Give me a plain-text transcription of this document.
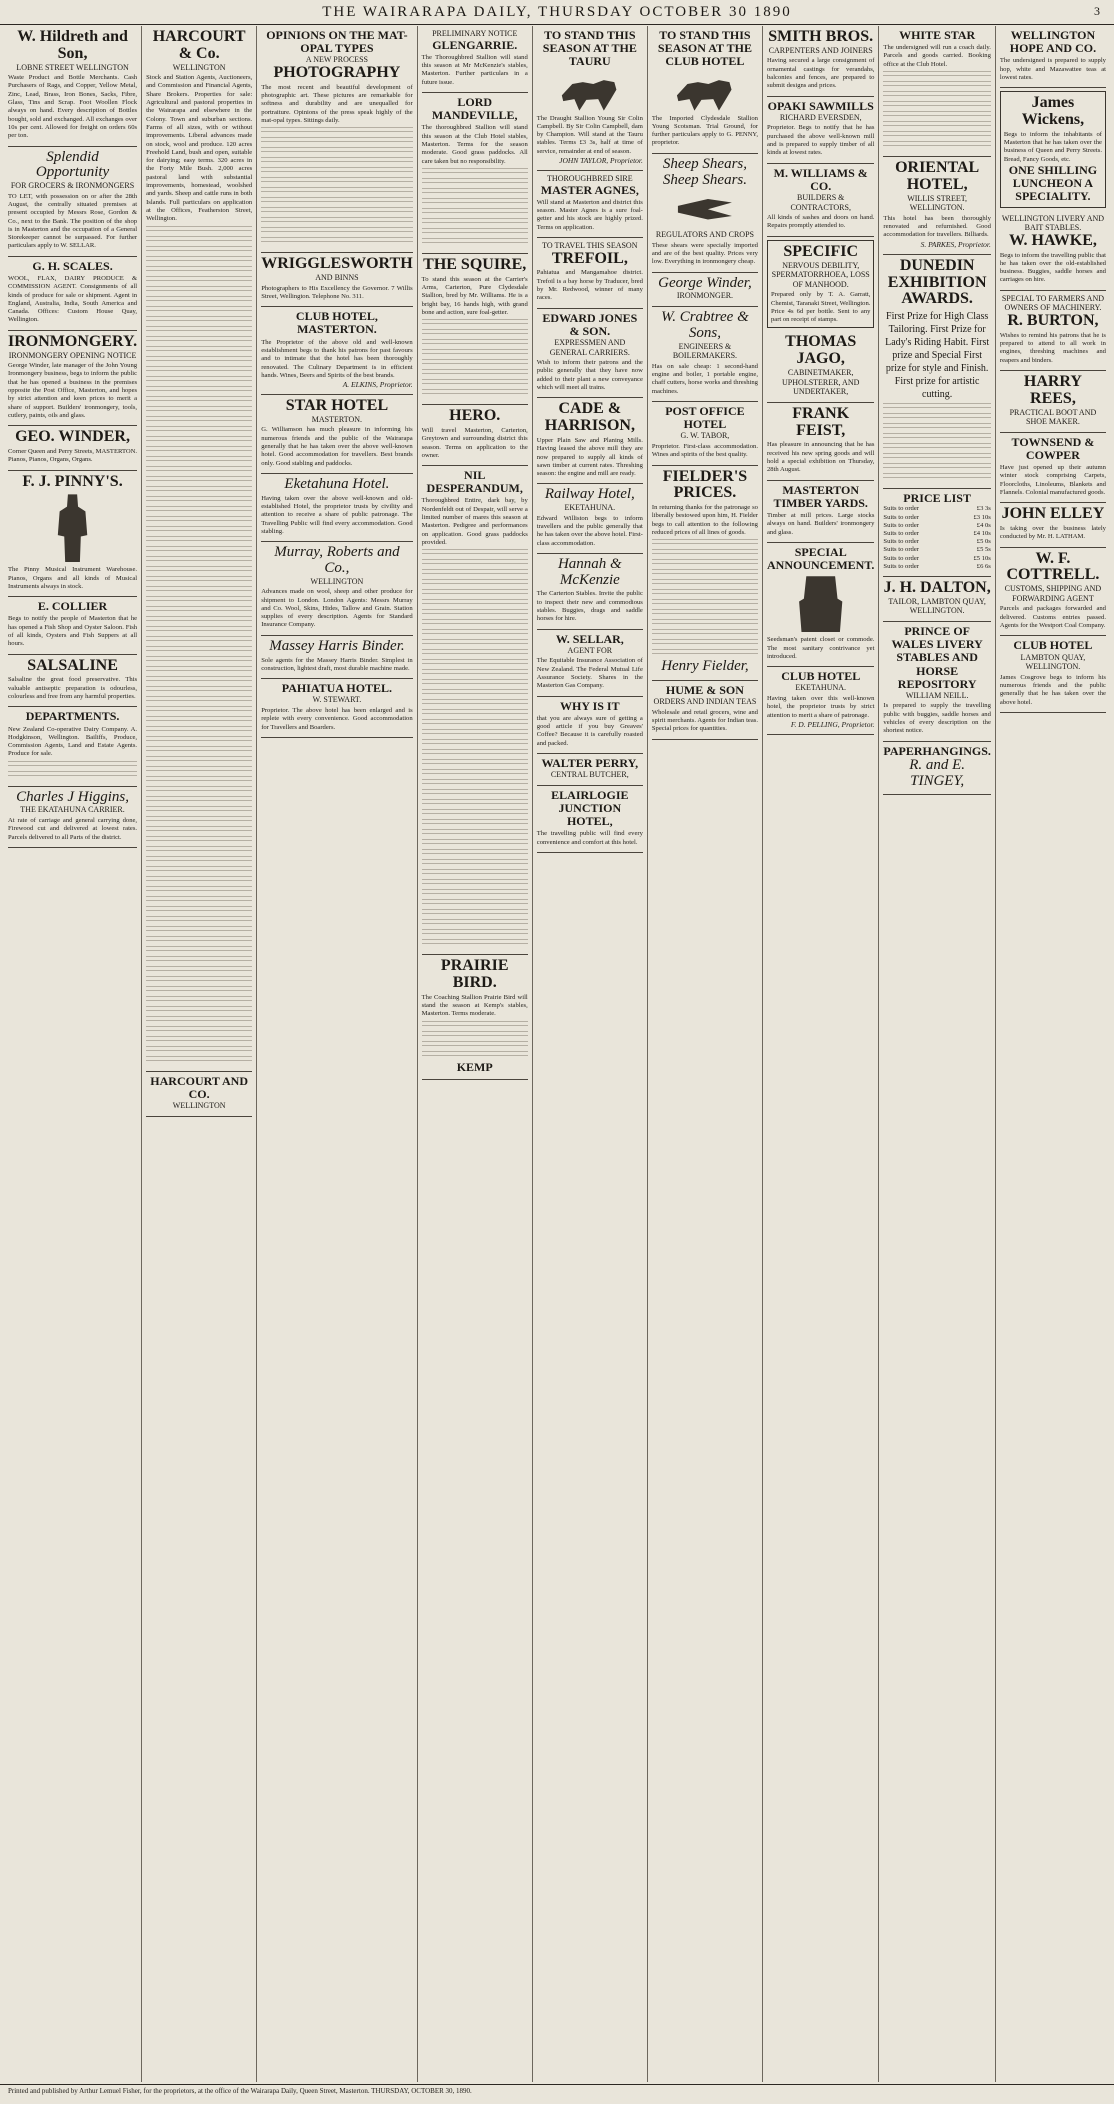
THE WAIRARAPA DAILY, THURSDAY OCTOBER 30 1890	3
W. Hildreth and Son,
LOBNE STREET WELLINGTON
Waste Product and Bottle Merchants. Cash Purchasers of Rags, and Copper, Yellow Metal, Zinc, Lead, Brass, Iron Bones, Sacks, Fibre, Glass, Tins and Scrap. Foot Woollen Flock always on hand. Every description of Bottles bought, sold and exchanged. All exchanges over 10s per cent. Allowed for freight on orders 60s per ton.
Splendid Opportunity
FOR GROCERS & IRONMONGERS
TO LET, with possession on or after the 28th August, the centrally situated premises at present occupied by Messrs Rose, Gordon & Co., next to the Bank. The position of the shop is in Masterton and the occupation of a General Storekeeper cannot be surpassed. For further particulars apply to W. SELLAR.
G. H. SCALES.
WOOL, FLAX, DAIRY PRODUCE & COMMISSION AGENT. Consignments of all kinds of produce for sale or shipment. Agent in England, Australia, India, South America and Canada. Offices: Custom House Quay, Wellington.
IRONMONGERY.
IRONMONGERY OPENING NOTICE
George Winder, late manager of the John Young Ironmongery business, begs to inform the public that he has opened a business in the premises opposite the Post Office, Masterton, and hopes by strict attention and keen prices to merit a share of support. Builders' ironmongery, tools, cutlery, paints, oils and glass.
GEO. WINDER,
Corner Queen and Perry Streets, MASTERTON. Pianos, Pianos, Organs, Organs.
F. J. PINNY'S.
The Pinny Musical Instrument Warehouse. Pianos, Organs and all kinds of Musical Instruments always in stock.
E. COLLIER
Begs to notify the people of Masterton that he has opened a Fish Shop and Oyster Saloon. Fish of all kinds, Oysters and Fish Suppers at all hours.
SALSALINE
Salsaline the great food preservative. This valuable antiseptic preparation is odourless, colourless and free from any harmful properties.
DEPARTMENTS.
New Zealand Co-operative Dairy Company. A. Hodgkinson, Wellington. Bailiffs, Produce, Commission Agents, Land and Estate Agents. Produce for sale.
Charles J Higgins,
THE EKATAHUNA CARRIER.
At rate of carriage and general carrying done, Firewood cut and delivered at lowest rates. Parcels delivered to all Parts of the district.
HARCOURT & Co.
WELLINGTON
Stock and Station Agents, Auctioneers, and Commission and Financial Agents, Share Brokers. Properties for sale: Agricultural and pastoral properties in the Wairarapa and elsewhere in the Colony. Town and suburban sections. Farms of all sizes, with or without improvements. Liberal advances made on stock, wool and produce. 120 acres Freehold Land, bush and open, suitable for dairying; easy terms. 320 acres in the Forty Mile Bush. 2,000 acres pastoral land with substantial improvements, homestead, woolshed and yards. Sheep and cattle runs in both Islands. Full particulars on application at the Offices, Featherston Street, Wellington.
HARCOURT AND CO.
WELLINGTON
OPINIONS ON THE MAT-OPAL TYPES
A NEW PROCESS
PHOTOGRAPHY
The most recent and beautiful development of photographic art. These pictures are remarkable for softness and durability and are unequalled for portraiture. Opinions of the press speak highly of the mat-opal types. Sittings daily.
WRIGGLESWORTH
AND BINNS
Photographers to His Excellency the Governor. 7 Willis Street, Wellington. Telephone No. 311.
CLUB HOTEL, MASTERTON.
The Proprietor of the above old and well-known establishment begs to thank his patrons for past favours and to intimate that the hotel has been thoroughly renovated. The Culinary Department is in efficient hands. Wines, Beers and Spirits of the best brands.
A. ELKINS, Proprietor.
STAR HOTEL
MASTERTON.
G. Williamson has much pleasure in informing his numerous friends and the public of the Wairarapa generally that he has taken over the above well-known hotel. Good accommodation for travellers. Best brands only. Good stabling and paddocks.
Eketahuna Hotel.
Having taken over the above well-known and old-established Hotel, the proprietor trusts by civility and attention to receive a share of public patronage. The Travelling Public will find every accommodation. Good stabling.
Murray, Roberts and Co.,
WELLINGTON
Advances made on wool, sheep and other produce for shipment to London. London Agents: Messrs Murray and Co. Wool, Skins, Hides, Tallow and Grain. Station supplies of every description. Agents for Standard Insurance Company.
Massey Harris Binder.
Sole agents for the Massey Harris Binder. Simplest in construction, lightest draft, most durable machine made.
PAHIATUA HOTEL.
W. STEWART.
Proprietor. The above hotel has been enlarged and is replete with every convenience. Good accommodation for Travellers and Boarders.
PRELIMINARY NOTICE
GLENGARRIE.
The Thoroughbred Stallion will stand this season at Mr McKenzie's stables, Masterton. Further particulars in a future issue.
LORD MANDEVILLE,
The thoroughbred Stallion will stand this season at the Club Hotel stables, Masterton. Terms for the season moderate. Good grass paddocks. All care taken but no responsibility.
THE SQUIRE,
To stand this season at the Carrier's Arms, Carterton, Pure Clydesdale Stallion, bred by Mr. Williams. He is a bright bay, 16 hands high, with grand bone and action, sure foal-getter.
HERO.
Will travel Masterton, Carterton, Greytown and surrounding district this season. Terms on application to the owner.
NIL DESPERANDUM,
Thoroughbred Entire, dark bay, by Nordenfeldt out of Despair, will serve a limited number of mares this season at Masterton. Pedigree and performances on application. Good grass paddocks provided.
PRAIRIE BIRD.
The Coaching Stallion Prairie Bird will stand the season at Kemp's stables, Masterton. Terms moderate.
KEMP
TO STAND THIS SEASON AT THE TAURU
The Draught Stallion Young Sir Colin Campbell. By Sir Colin Campbell, dam by Champion. Will stand at the Tauru stables. Terms £3 3s, half at time of service, remainder at end of season.
JOHN TAYLOR, Proprietor.
THOROUGHBRED SIRE
MASTER AGNES,
Will stand at Masterton and district this season. Master Agnes is a sure foal-getter and his stock are highly prized. Terms on application.
TO TRAVEL THIS SEASON
TREFOIL,
Pahiatua and Mangamahoe district. Trefoil is a bay horse by Traducer, bred by Mr. Redwood, winner of many races.
EDWARD JONES & SON.
EXPRESSMEN AND GENERAL CARRIERS.
Wish to inform their patrons and the public generally that they have now added to their plant a new conveyance which will meet all trains.
CADE & HARRISON,
Upper Plain Saw and Planing Mills. Having leased the above mill they are now prepared to supply all kinds of sawn timber at current rates. Threshing season: the engine and mill are ready.
Railway Hotel,
EKETAHUNA.
Edward Williston begs to inform travellers and the public generally that he has taken over the above hotel. First-class accommodation.
Hannah & McKenzie
The Carterton Stables. Invite the public to inspect their new and commodious stables. Buggies, drags and saddle horses for hire.
W. SELLAR,
AGENT FOR
The Equitable Insurance Association of New Zealand. The Federal Mutual Life Assurance Society. Shares in the Masterton Gas Company.
WHY IS IT
that you are always sure of getting a good article if you buy Greaves' Coffee? Because it is carefully roasted and packed.
WALTER PERRY,
CENTRAL BUTCHER,
ELAIRLOGIE JUNCTION HOTEL,
The travelling public will find every convenience and comfort at this hotel.
TO STAND THIS SEASON AT THE CLUB HOTEL
The Imported Clydesdale Stallion Young Scotsman. Trial Ground, for further particulars apply to G. PENNY, proprietor.
Sheep Shears, Sheep Shears.
REGULATORS AND CROPS
These shears were specially imported and are of the best quality. Prices very low. Everything in ironmongery cheap.
George Winder,
IRONMONGER.
W. Crabtree & Sons,
ENGINEERS & BOILERMAKERS.
Has on sale cheap: 1 second-hand engine and boiler, 1 portable engine, chaff cutters, horse works and threshing machines.
POST OFFICE HOTEL
G. W. TABOR,
Proprietor. First-class accommodation. Wines and spirits of the best quality.
FIELDER'S PRICES.
In returning thanks for the patronage so liberally bestowed upon him, H. Fielder begs to call attention to the following reduced prices of all lines of goods.
Henry Fielder,
HUME & SON
ORDERS AND INDIAN TEAS
Wholesale and retail grocers, wine and spirit merchants. Agents for Indian teas. Special prices for quantities.
SMITH BROS.
CARPENTERS AND JOINERS
Having secured a large consignment of ornamental castings for verandahs, balconies and fences, are prepared to submit designs and prices.
OPAKI SAWMILLS
RICHARD EVERSDEN,
Proprietor. Begs to notify that he has purchased the above well-known mill and is prepared to supply timber of all kinds at lowest rates.
M. WILLIAMS & CO.
BUILDERS & CONTRACTORS,
All kinds of sashes and doors on hand. Repairs promptly attended to.
SPECIFIC
NERVOUS DEBILITY, SPERMATORRHOEA, LOSS OF MANHOOD.
Prepared only by T. A. Garratt, Chemist, Taranaki Street, Wellington. Price 4s 6d per bottle. Sent to any part on receipt of stamps.
THOMAS JAGO,
CABINETMAKER, UPHOLSTERER, AND UNDERTAKER,
FRANK FEIST,
Has pleasure in announcing that he has received his new spring goods and will hold a special exhibition on Thursday, 28th August.
MASTERTON TIMBER YARDS.
Timber at mill prices. Large stocks always on hand. Builders' ironmongery and glass.
SPECIAL ANNOUNCEMENT.
Seedsman's patent closet or commode. The most sanitary contrivance yet introduced.
CLUB HOTEL
EKETAHUNA.
Having taken over this well-known hotel, the proprietor trusts by strict attention to merit a share of patronage.
F. D. PELLING, Proprietor.
WHITE STAR
The undersigned will run a coach daily. Parcels and goods carried. Booking office at the Club Hotel.
ORIENTAL HOTEL,
WILLIS STREET, WELLINGTON.
This hotel has been thoroughly renovated and refurnished. Good accommodation for travellers. Billiards.
S. PARKES, Proprietor.
DUNEDIN EXHIBITION AWARDS.
First Prize for High Class Tailoring. First Prize for Lady's Riding Habit. First prize and Special First prize for style and Finish. First prize for artistic cutting.
PRICE LIST
Suits to order	£3 3s
Suits to order	£3 10s
Suits to order	£4 0s
Suits to order	£4 10s
Suits to order	£5 0s
Suits to order	£5 5s
Suits to order	£5 10s
Suits to order	£6 6s
J. H. DALTON,
TAILOR, LAMBTON QUAY, WELLINGTON.
PRINCE OF WALES LIVERY STABLES AND HORSE REPOSITORY
WILLIAM NEILL.
Is prepared to supply the travelling public with buggies, saddle horses and vehicles of every description on the shortest notice.
PAPERHANGINGS.
R. and E. TINGEY,
WELLINGTON HOPE AND CO.
The undersigned is prepared to supply hop, white and Mazawattee teas at lowest rates.
James Wickens,
Begs to inform the inhabitants of Masterton that he has taken over the business of Queen and Perry Streets. Bread, Fancy Goods, etc.
ONE SHILLING LUNCHEON A SPECIALITY.
WELLINGTON LIVERY AND BAIT STABLES.
W. HAWKE,
Begs to inform the travelling public that he has taken over the old-established business. Buggies, saddle horses and carriages on hire.
SPECIAL TO FARMERS AND OWNERS OF MACHINERY.
R. BURTON,
Wishes to remind his patrons that he is prepared to attend to all work in engines, threshing machines and reapers and binders.
HARRY REES,
PRACTICAL BOOT AND SHOE MAKER.
TOWNSEND & COWPER
Have just opened up their autumn winter stock comprising Carpets, Floorcloths, Linoleums, Blankets and Flannels. Colonial manufactured goods.
JOHN ELLEY
Is taking over the business lately conducted by Mr. H. LATHAM.
W. F. COTTRELL.
CUSTOMS, SHIPPING AND FORWARDING AGENT
Parcels and packages forwarded and delivered. Customs entries passed. Agents for the Westport Coal Company.
CLUB HOTEL
LAMBTON QUAY, WELLINGTON.
James Cosgrove begs to inform his numerous friends and the public generally that he has taken over the above hotel.
Printed and published by Arthur Lemuel Fisher, for the proprietors, at the office of the Wairarapa Daily, Queen Street, Masterton. THURSDAY, OCTOBER 30, 1890.
